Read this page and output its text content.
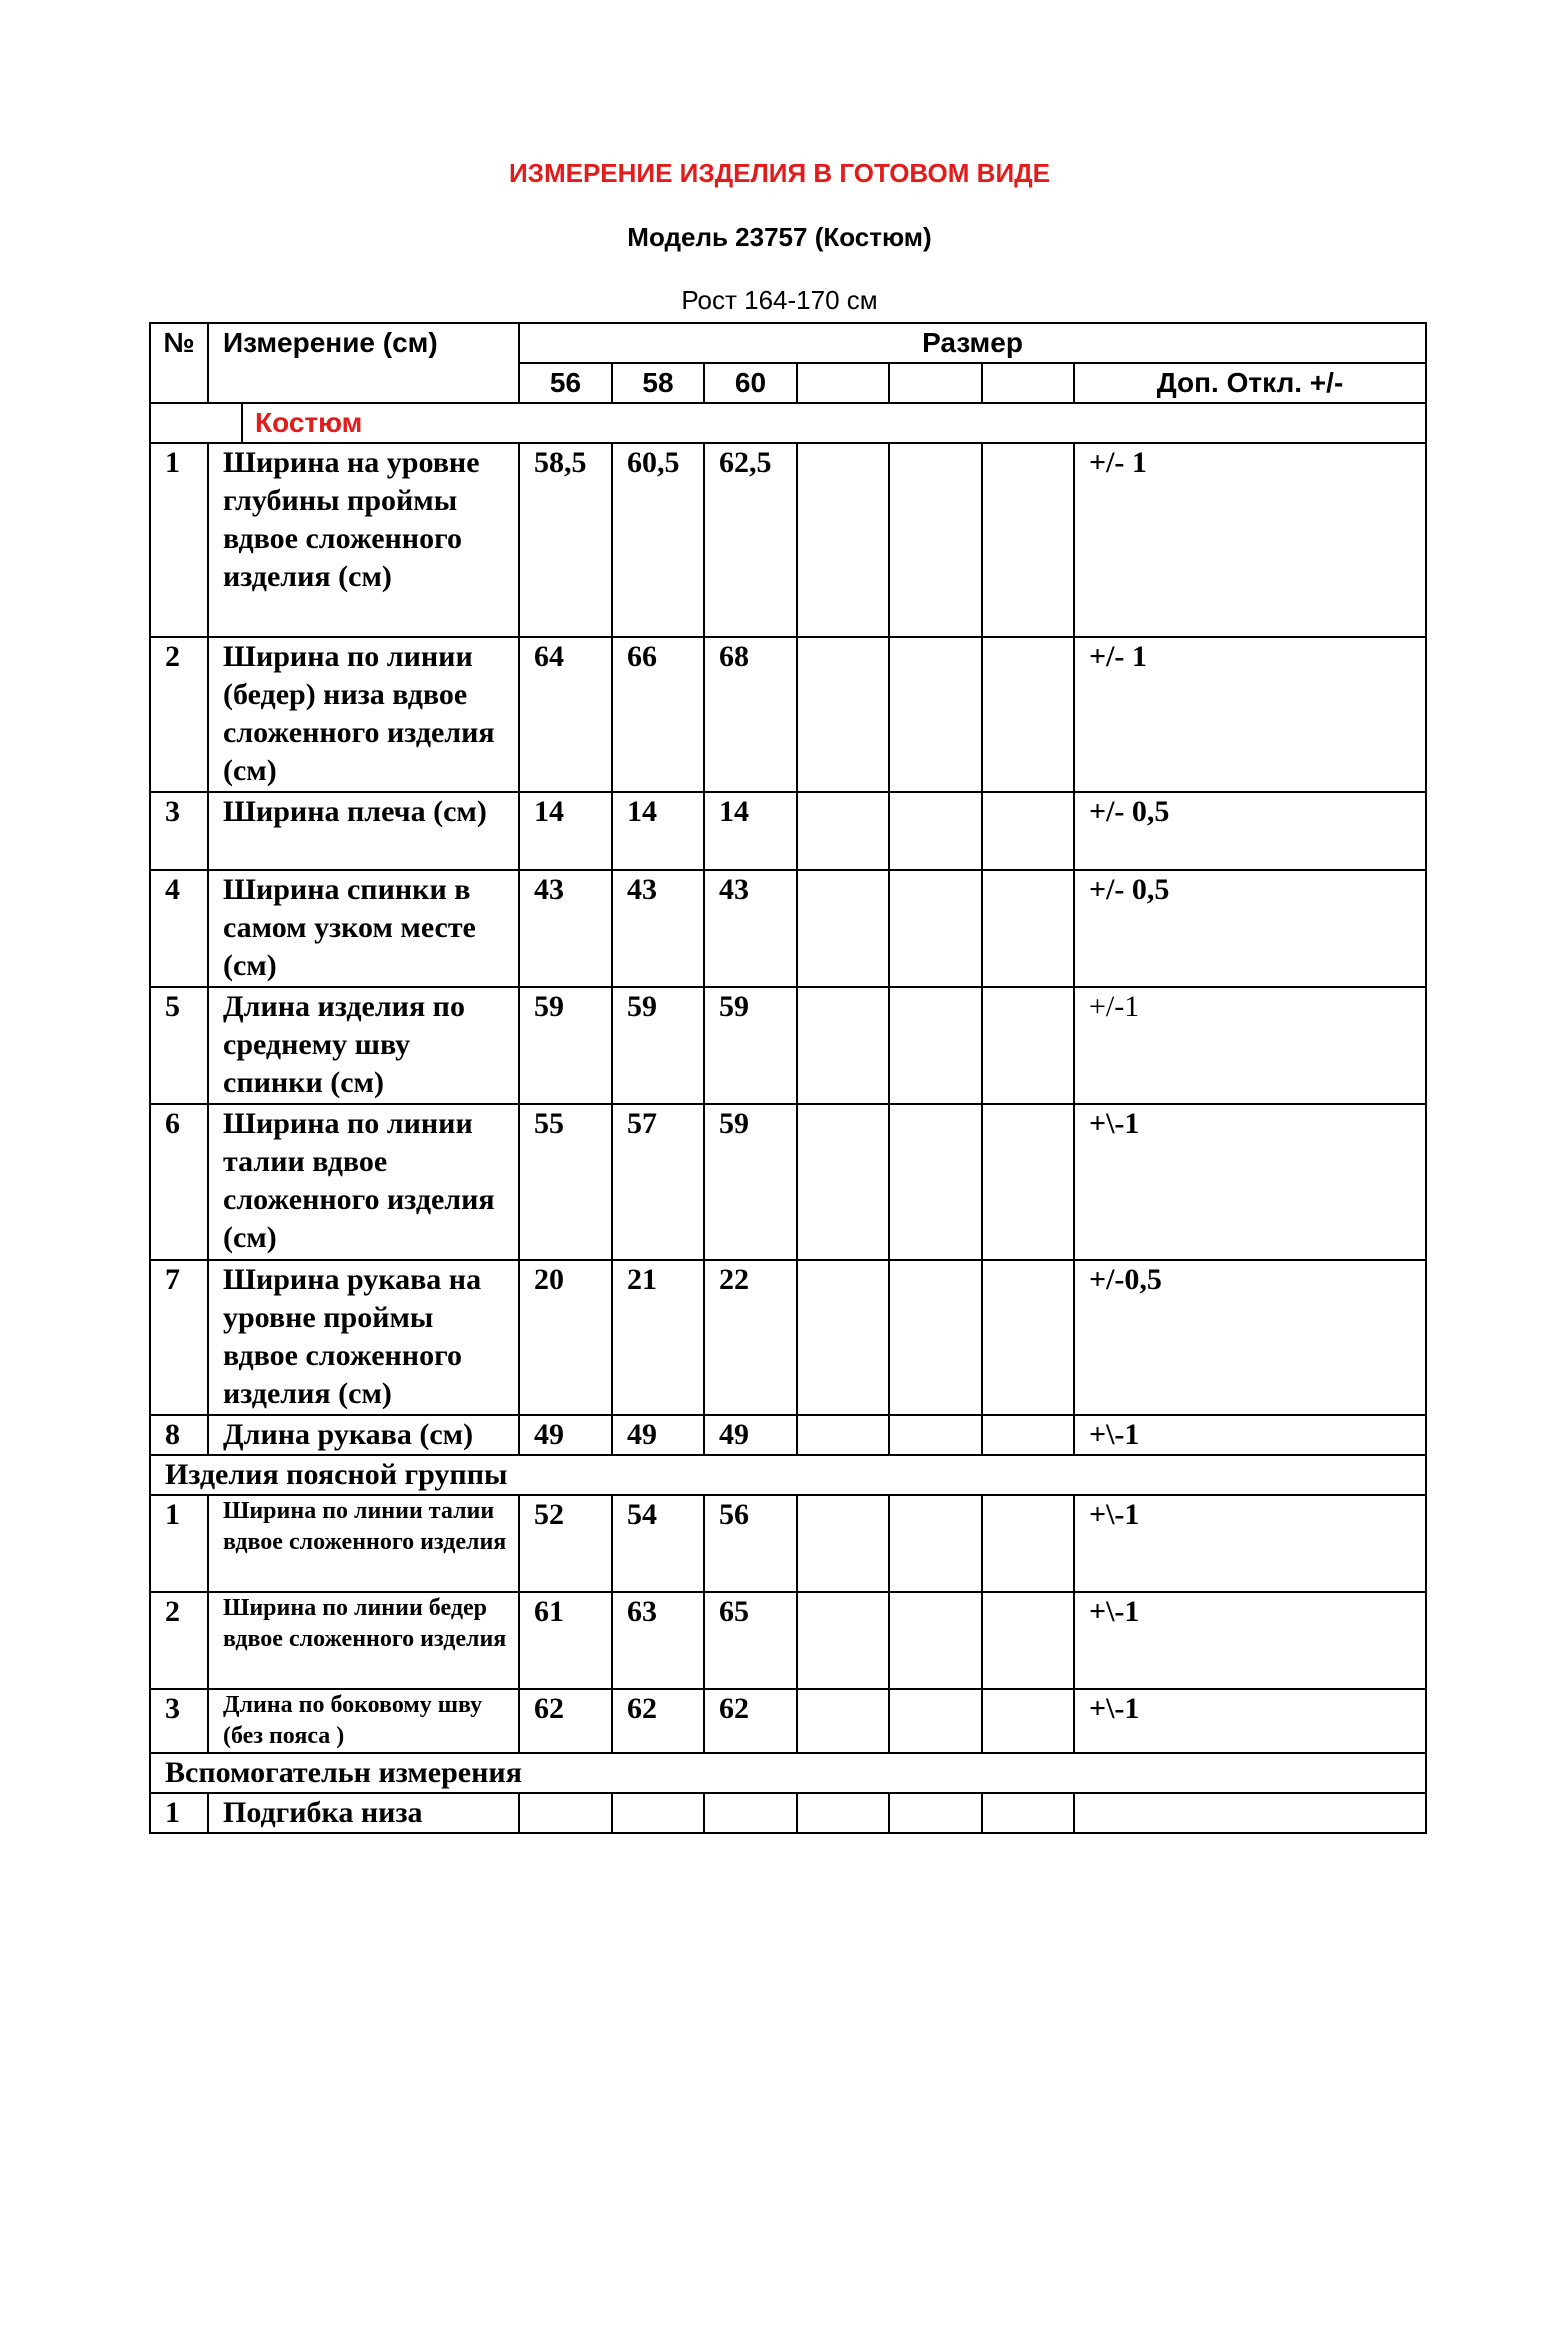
ИЗМЕРЕНИЕ ИЗДЕЛИЯ В ГОТОВОМ ВИДЕ
Модель 23757 (Костюм)
Рост 164-170 см
№	Измерение (см)		Размер						
			56	58	60				Доп. Откл. +/-
		Костюм							
1	Ширина на уровне глубины проймы вдвое сложенного изделия (см)		58,5	60,5	62,5				+/- 1
2	Ширина по линии (бедер) низа вдвое сложенного изделия (см)		64	66	68				+/- 1
3	Ширина плеча (см)		14	14	14				+/- 0,5
4	Ширина спинки в самом узком месте (см)		43	43	43				+/- 0,5
5	Длина изделия по среднему шву спинки (см)		59	59	59				+/-1
6	Ширина по линии талии вдвое сложенного изделия (см)		55	57	59				+\-1
7	Ширина рукава на уровне проймы вдвое сложенного изделия (см)		20	21	22				+/-0,5
8	Длина рукава (см)		49	49	49				+\-1
Изделия поясной группы									
1	Ширина по линии талии вдвое сложенного изделия		52	54	56				+\-1
2	Ширина по линии бедер вдвое сложенного изделия		61	63	65				+\-1
3	Длина по боковому шву (без пояса )		62	62	62				+\-1
Вспомогательн измерения									
1	Подгибка низа								
